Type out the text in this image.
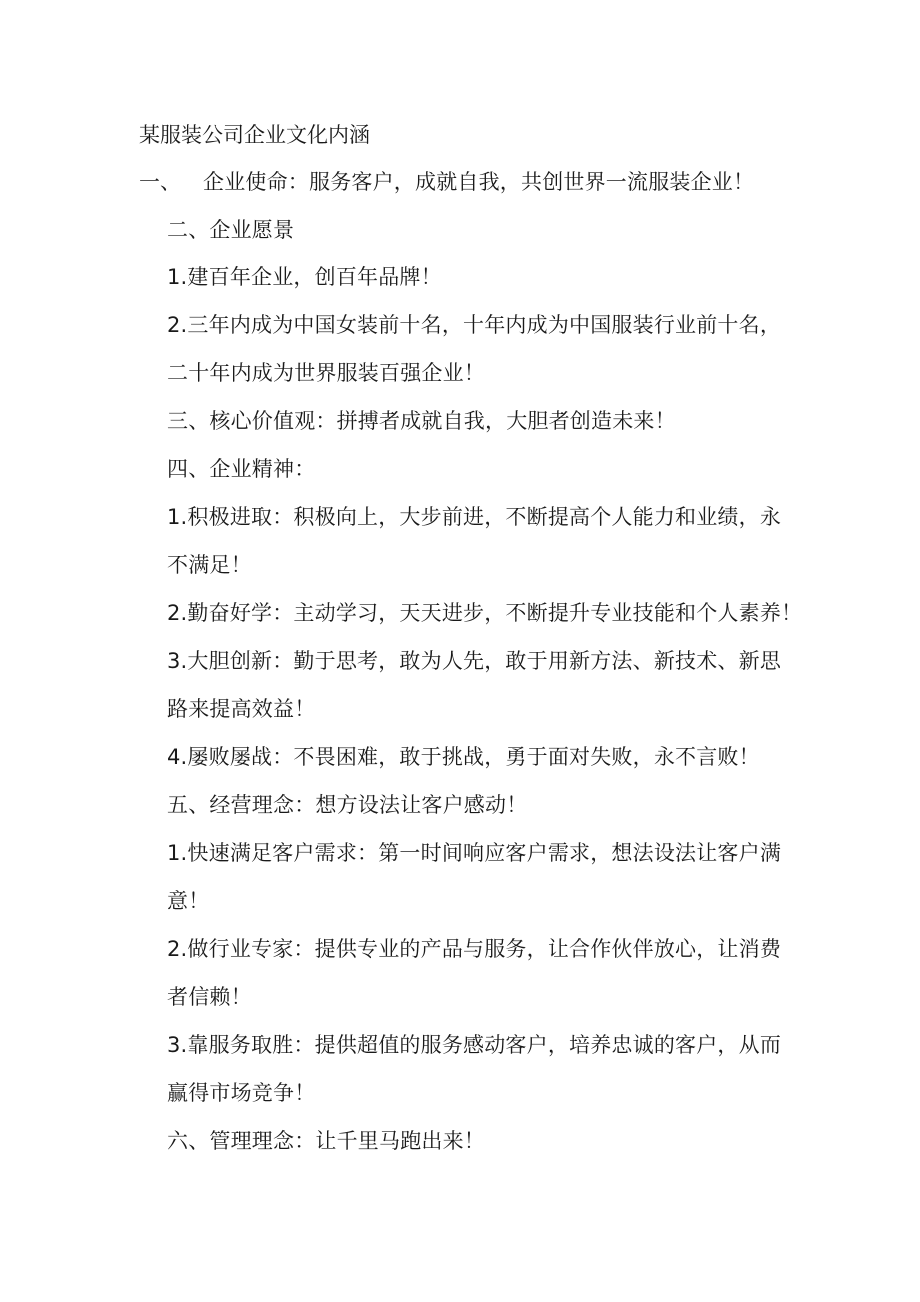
某服装公司企业文化内涵
一、 企业使命：服务客户，成就自我，共创世界一流服装企业！
二、企业愿景
1.建百年企业，创百年品牌！
2.三年内成为中国女装前十名，十年内成为中国服装行业前十名，
二十年内成为世界服装百强企业！
三、核心价值观：拼搏者成就自我，大胆者创造未来！
四、企业精神：
1.积极进取：积极向上，大步前进，不断提高个人能力和业绩，永
不满足！
2.勤奋好学：主动学习，天天进步，不断提升专业技能和个人素养！
3.大胆创新：勤于思考，敢为人先，敢于用新方法、新技术、新思
路来提高效益！
4.屡败屡战：不畏困难，敢于挑战，勇于面对失败，永不言败！
五、经营理念：想方设法让客户感动！
1.快速满足客户需求：第一时间响应客户需求，想法设法让客户满
意！
2.做行业专家：提供专业的产品与服务，让合作伙伴放心，让消费
者信赖！
3.靠服务取胜：提供超值的服务感动客户，培养忠诚的客户，从而
赢得市场竞争！
六、管理理念：让千里马跑出来！
